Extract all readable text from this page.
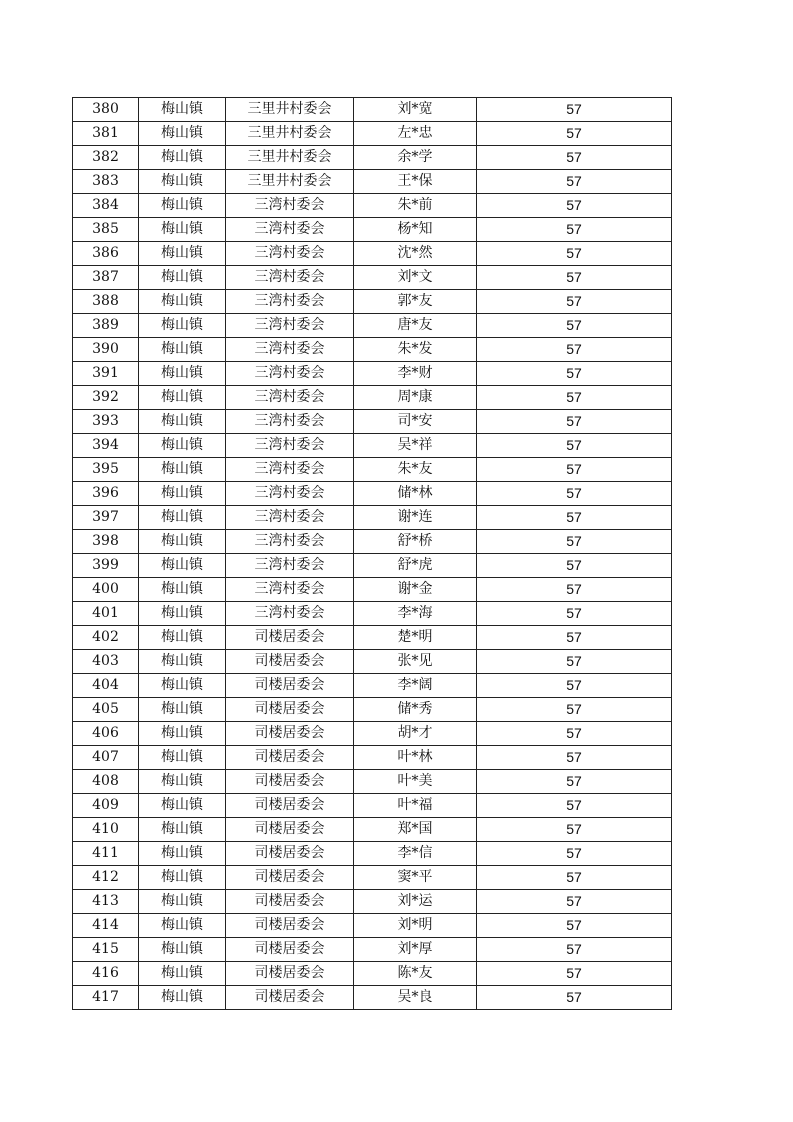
380	梅山镇	三里井村委会	刘*宽	57
381	梅山镇	三里井村委会	左*忠	57
382	梅山镇	三里井村委会	余*学	57
383	梅山镇	三里井村委会	王*保	57
384	梅山镇	三湾村委会	朱*前	57
385	梅山镇	三湾村委会	杨*知	57
386	梅山镇	三湾村委会	沈*然	57
387	梅山镇	三湾村委会	刘*文	57
388	梅山镇	三湾村委会	郭*友	57
389	梅山镇	三湾村委会	唐*友	57
390	梅山镇	三湾村委会	朱*发	57
391	梅山镇	三湾村委会	李*财	57
392	梅山镇	三湾村委会	周*康	57
393	梅山镇	三湾村委会	司*安	57
394	梅山镇	三湾村委会	吴*祥	57
395	梅山镇	三湾村委会	朱*友	57
396	梅山镇	三湾村委会	储*林	57
397	梅山镇	三湾村委会	谢*连	57
398	梅山镇	三湾村委会	舒*桥	57
399	梅山镇	三湾村委会	舒*虎	57
400	梅山镇	三湾村委会	谢*金	57
401	梅山镇	三湾村委会	李*海	57
402	梅山镇	司楼居委会	楚*明	57
403	梅山镇	司楼居委会	张*见	57
404	梅山镇	司楼居委会	李*阔	57
405	梅山镇	司楼居委会	储*秀	57
406	梅山镇	司楼居委会	胡*才	57
407	梅山镇	司楼居委会	叶*林	57
408	梅山镇	司楼居委会	叶*美	57
409	梅山镇	司楼居委会	叶*福	57
410	梅山镇	司楼居委会	郑*国	57
411	梅山镇	司楼居委会	李*信	57
412	梅山镇	司楼居委会	窦*平	57
413	梅山镇	司楼居委会	刘*运	57
414	梅山镇	司楼居委会	刘*明	57
415	梅山镇	司楼居委会	刘*厚	57
416	梅山镇	司楼居委会	陈*友	57
417	梅山镇	司楼居委会	吴*良	57
